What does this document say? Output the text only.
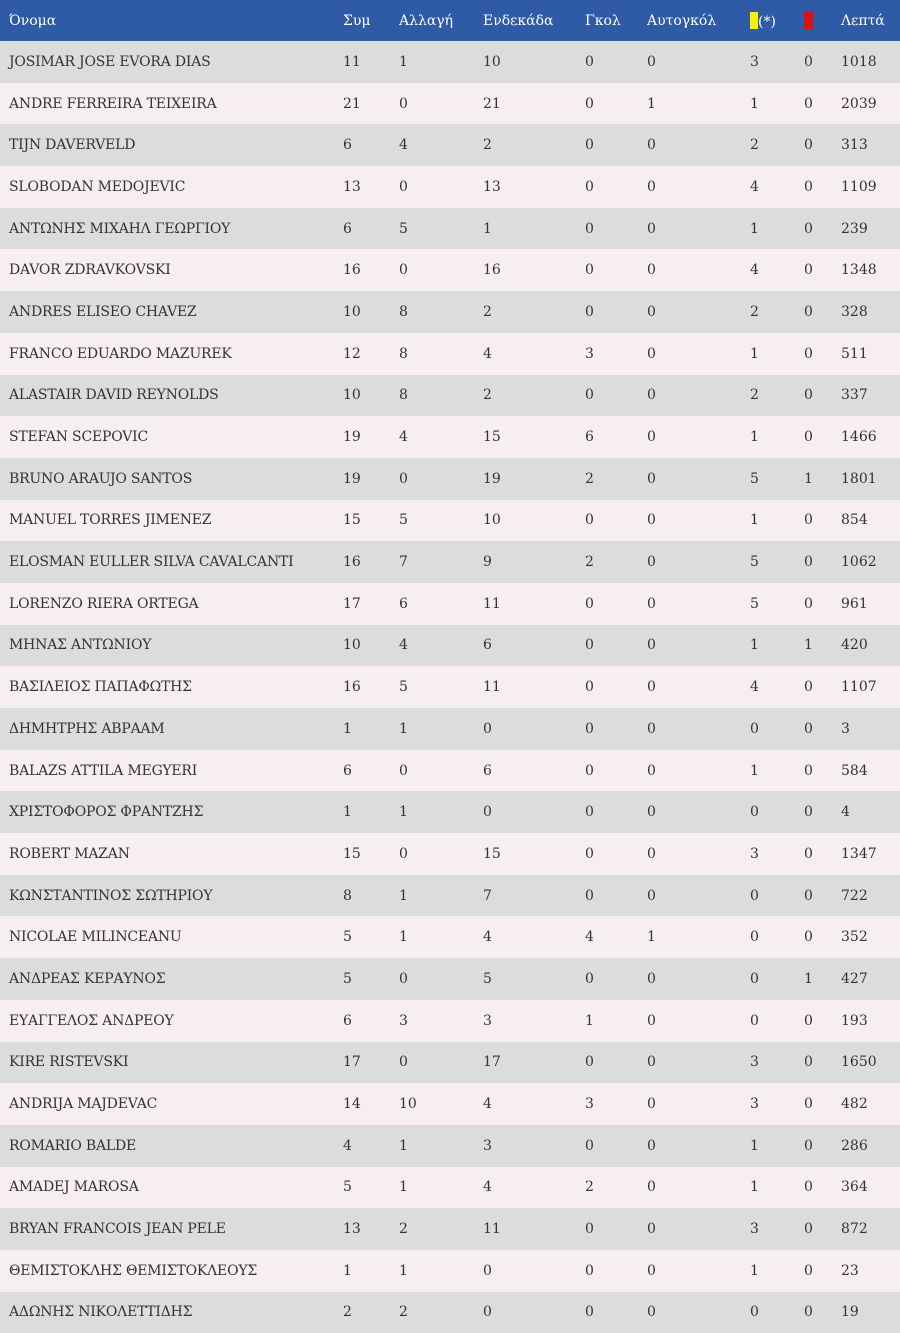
Όνομα	Συμ	Αλλαγή	Ενδεκάδα	Γκολ	Αυτογκόλ	(*)		Λεπτά
JOSIMAR JOSE EVORA DIAS	11	1	10	0	0	3	0	1018
ANDRE FERREIRA TEIXEIRA	21	0	21	0	1	1	0	2039
TIJN DAVERVELD	6	4	2	0	0	2	0	313
SLOBODAN MEDOJEVIC	13	0	13	0	0	4	0	1109
ΑΝΤΩΝΗΣ ΜΙΧΑΗΛ ΓΕΩΡΓΙΟΥ	6	5	1	0	0	1	0	239
DAVOR ZDRAVKOVSKI	16	0	16	0	0	4	0	1348
ANDRES ELISEO CHAVEZ	10	8	2	0	0	2	0	328
FRANCO EDUARDO MAZUREK	12	8	4	3	0	1	0	511
ALASTAIR DAVID REYNOLDS	10	8	2	0	0	2	0	337
STEFAN SCEPOVIC	19	4	15	6	0	1	0	1466
BRUNO ARAUJO SANTOS	19	0	19	2	0	5	1	1801
MANUEL TORRES JIMENEZ	15	5	10	0	0	1	0	854
ELOSMAN EULLER SILVA CAVALCANTI	16	7	9	2	0	5	0	1062
LORENZO RIERA ORTEGA	17	6	11	0	0	5	0	961
ΜΗΝΑΣ ΑΝΤΩΝΙΟΥ	10	4	6	0	0	1	1	420
ΒΑΣΙΛΕΙΟΣ ΠΑΠΑΦΩΤΗΣ	16	5	11	0	0	4	0	1107
ΔΗΜΗΤΡΗΣ ΑΒΡΑΑΜ	1	1	0	0	0	0	0	3
BALAZS ATTILA MEGYERI	6	0	6	0	0	1	0	584
ΧΡΙΣΤΟΦΟΡΟΣ ΦΡΑΝΤΖΗΣ	1	1	0	0	0	0	0	4
ROBERT MAZAN	15	0	15	0	0	3	0	1347
ΚΩΝΣΤΑΝΤΙΝΟΣ ΣΩΤΗΡΙΟΥ	8	1	7	0	0	0	0	722
NICOLAE MILINCEANU	5	1	4	4	1	0	0	352
ΑΝΔΡΕΑΣ ΚΕΡΑΥΝΟΣ	5	0	5	0	0	0	1	427
ΕΥΑΓΓΕΛΟΣ ΑΝΔΡΕΟΥ	6	3	3	1	0	0	0	193
KIRE RISTEVSKI	17	0	17	0	0	3	0	1650
ANDRIJA MAJDEVAC	14	10	4	3	0	3	0	482
ROMARIO BALDE	4	1	3	0	0	1	0	286
AMADEJ MAROSA	5	1	4	2	0	1	0	364
BRYAN FRANCOIS JEAN PELE	13	2	11	0	0	3	0	872
ΘΕΜΙΣΤΟΚΛΗΣ ΘΕΜΙΣΤΟΚΛΕΟΥΣ	1	1	0	0	0	1	0	23
ΑΔΩΝΗΣ ΝΙΚΟΛΕΤΤΙΔΗΣ	2	2	0	0	0	0	0	19
